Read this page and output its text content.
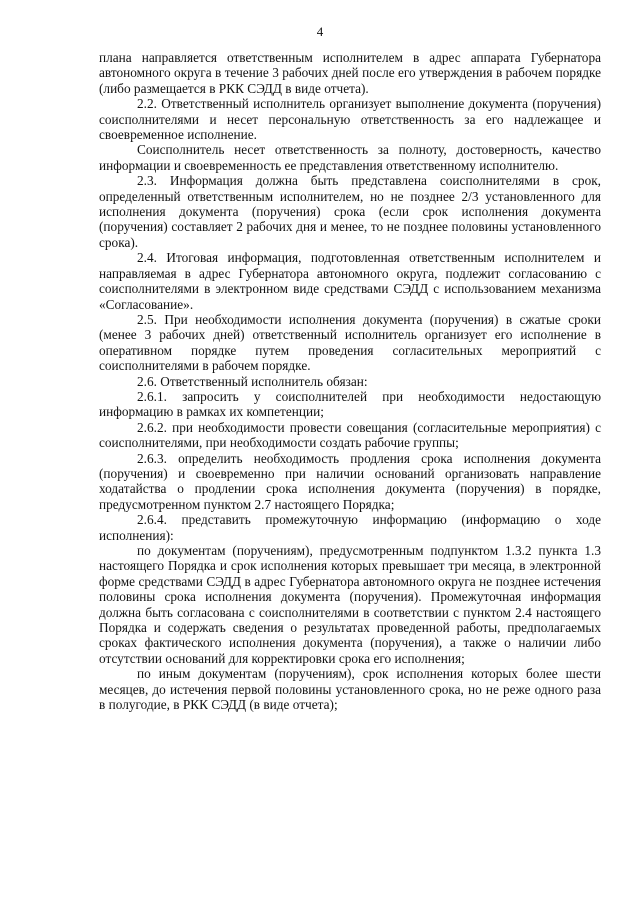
4

плана направляется ответственным исполнителем в адрес аппарата Губернатора автономного округа в течение 3 рабочих дней после его утверждения в рабочем порядке (либо размещается в РКК СЭДД в виде отчета).

2.2. Ответственный исполнитель организует выполнение документа (поручения) соисполнителями и несет персональную ответственность за его надлежащее и своевременное исполнение.

Соисполнитель несет ответственность за полноту, достоверность, качество информации и своевременность ее представления ответственному исполнителю.

2.3. Информация должна быть представлена соисполнителями в срок, определенный ответственным исполнителем, но не позднее 2/3 установленного для исполнения документа (поручения) срока (если срок исполнения документа (поручения) составляет 2 рабочих дня и менее, то не позднее половины установленного срока).

2.4. Итоговая информация, подготовленная ответственным исполнителем и направляемая в адрес Губернатора автономного округа, подлежит согласованию с соисполнителями в электронном виде средствами СЭДД с использованием механизма «Согласование».

2.5. При необходимости исполнения документа (поручения) в сжатые сроки (менее 3 рабочих дней) ответственный исполнитель организует его исполнение в оперативном порядке путем проведения согласительных мероприятий с соисполнителями в рабочем порядке.

2.6. Ответственный исполнитель обязан:

2.6.1. запросить у соисполнителей при необходимости недостающую информацию в рамках их компетенции;

2.6.2. при необходимости провести совещания (согласительные мероприятия) с соисполнителями, при необходимости создать рабочие группы;

2.6.3. определить необходимость продления срока исполнения документа (поручения) и своевременно при наличии оснований организовать направление ходатайства о продлении срока исполнения документа (поручения) в порядке, предусмотренном пунктом 2.7 настоящего Порядка;

2.6.4. представить промежуточную информацию (информацию о ходе исполнения):

по документам (поручениям), предусмотренным подпунктом 1.3.2 пункта 1.3 настоящего Порядка и срок исполнения которых превышает три месяца, в электронной форме средствами СЭДД в адрес Губернатора автономного округа не позднее истечения половины срока исполнения документа (поручения). Промежуточная информация должна быть согласована с соисполнителями в соответствии с пунктом 2.4 настоящего Порядка и содержать сведения о результатах проведенной работы, предполагаемых сроках фактического исполнения документа (поручения), а также о наличии либо отсутствии оснований для корректировки срока его исполнения;

по иным документам (поручениям), срок исполнения которых более шести месяцев, до истечения первой половины установленного срока, но не реже одного раза в полугодие, в РКК СЭДД (в виде отчета);
